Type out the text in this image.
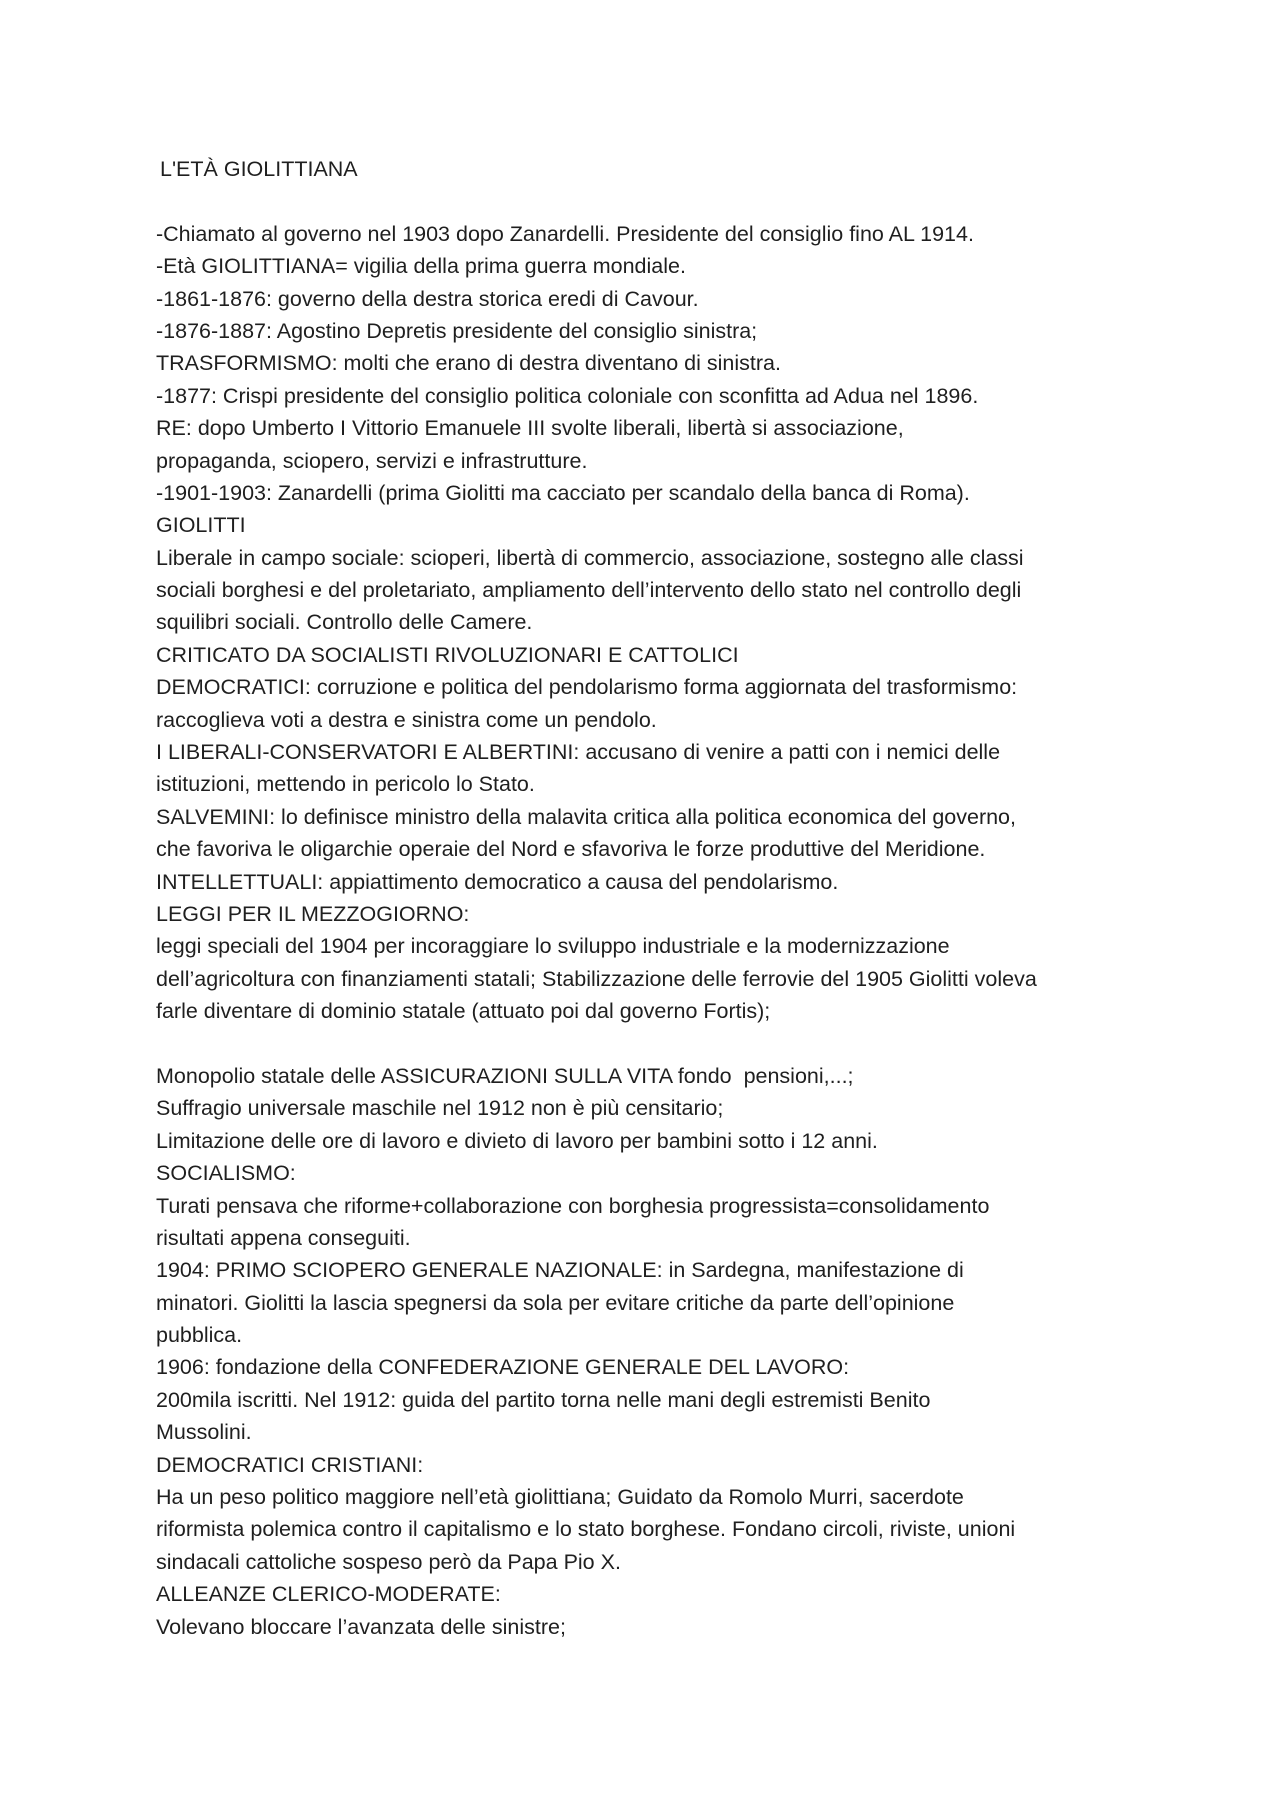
L'ETÀ GIOLITTIANA
-Chiamato al governo nel 1903 dopo Zanardelli. Presidente del consiglio fino AL 1914.
-Età GIOLITTIANA= vigilia della prima guerra mondiale.
-1861-1876: governo della destra storica eredi di Cavour.
-1876-1887: Agostino Depretis presidente del consiglio sinistra;
TRASFORMISMO: molti che erano di destra diventano di sinistra.
-1877: Crispi presidente del consiglio politica coloniale con sconfitta ad Adua nel 1896.
RE: dopo Umberto I Vittorio Emanuele III svolte liberali, libertà si associazione,
propaganda, sciopero, servizi e infrastrutture.
-1901-1903: Zanardelli (prima Giolitti ma cacciato per scandalo della banca di Roma).
GIOLITTI
Liberale in campo sociale: scioperi, libertà di commercio, associazione, sostegno alle classi
sociali borghesi e del proletariato, ampliamento dell’intervento dello stato nel controllo degli
squilibri sociali. Controllo delle Camere.
CRITICATO DA SOCIALISTI RIVOLUZIONARI E CATTOLICI
DEMOCRATICI: corruzione e politica del pendolarismo forma aggiornata del trasformismo:
raccoglieva voti a destra e sinistra come un pendolo.
I LIBERALI-CONSERVATORI E ALBERTINI: accusano di venire a patti con i nemici delle
istituzioni, mettendo in pericolo lo Stato.
SALVEMINI: lo definisce ministro della malavita critica alla politica economica del governo,
che favoriva le oligarchie operaie del Nord e sfavoriva le forze produttive del Meridione.
INTELLETTUALI: appiattimento democratico a causa del pendolarismo.
LEGGI PER IL MEZZOGIORNO:
leggi speciali del 1904 per incoraggiare lo sviluppo industriale e la modernizzazione
dell’agricoltura con finanziamenti statali; Stabilizzazione delle ferrovie del 1905 Giolitti voleva
farle diventare di dominio statale (attuato poi dal governo Fortis);
Monopolio statale delle ASSICURAZIONI SULLA VITA fondo  pensioni,...;
Suffragio universale maschile nel 1912 non è più censitario;
Limitazione delle ore di lavoro e divieto di lavoro per bambini sotto i 12 anni.
SOCIALISMO:
Turati pensava che riforme+collaborazione con borghesia progressista=consolidamento
risultati appena conseguiti.
1904: PRIMO SCIOPERO GENERALE NAZIONALE: in Sardegna, manifestazione di
minatori. Giolitti la lascia spegnersi da sola per evitare critiche da parte dell’opinione
pubblica.
1906: fondazione della CONFEDERAZIONE GENERALE DEL LAVORO:
200mila iscritti. Nel 1912: guida del partito torna nelle mani degli estremisti Benito
Mussolini.
DEMOCRATICI CRISTIANI:
Ha un peso politico maggiore nell’età giolittiana; Guidato da Romolo Murri, sacerdote
riformista polemica contro il capitalismo e lo stato borghese. Fondano circoli, riviste, unioni
sindacali cattoliche sospeso però da Papa Pio X.
ALLEANZE CLERICO-MODERATE:
Volevano bloccare l’avanzata delle sinistre;
